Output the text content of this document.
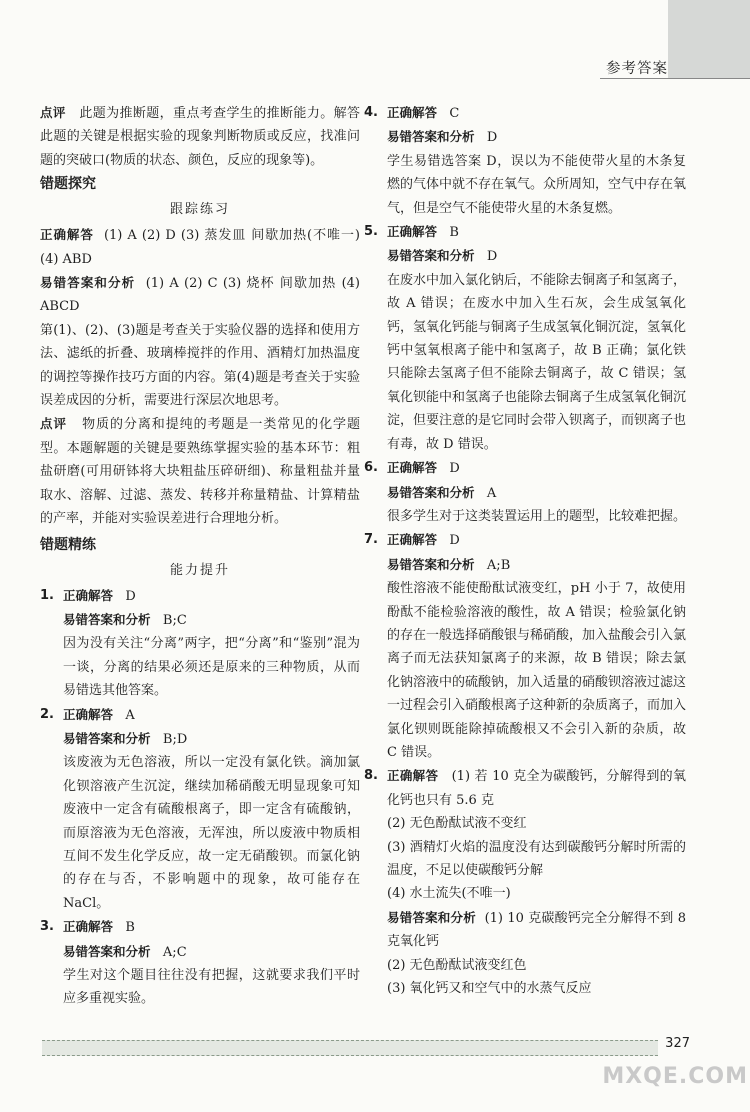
参考答案

点评 此题为推断题，重点考查学生的推断能力。解答此题的关键是根据实验的现象判断物质或反应，找准问题的突破口(物质的状态、颜色，反应的现象等)。

错题探究
跟踪练习

正确解答 (1) A (2) D (3) 蒸发皿 间歇加热(不唯一) (4) ABD

易错答案和分析 (1) A (2) C (3) 烧杯 间歇加热 (4) ABCD

第(1)、(2)、(3)题是考查关于实验仪器的选择和使用方法、滤纸的折叠、玻璃棒搅拌的作用、酒精灯加热温度的调控等操作技巧方面的内容。第(4)题是考查关于实验误差成因的分析，需要进行深层次地思考。

点评 物质的分离和提纯的考题是一类常见的化学题型。本题解题的关键是要熟练掌握实验的基本环节：粗盐研磨(可用研钵将大块粗盐压碎研细)、称量粗盐并量取水、溶解、过滤、蒸发、转移并称量精盐、计算精盐的产率，并能对实验误差进行合理地分析。

错题精练
能力提升
1. 正确解答 D

易错答案和分析 B;C

因为没有关注“分离”两字，把“分离”和“鉴别”混为一谈，分离的结果必须还是原来的三种物质，从而易错选其他答案。

2. 正确解答 A

易错答案和分析 B;D

该废液为无色溶液，所以一定没有氯化铁。滴加氯化钡溶液产生沉淀，继续加稀硝酸无明显现象可知废液中一定含有硫酸根离子，即一定含有硫酸钠，而原溶液为无色溶液，无浑浊，所以废液中物质相互间不发生化学反应，故一定无硝酸钡。而氯化钠的存在与否，不影响题中的现象，故可能存在 NaCl。

3. 正确解答 B

易错答案和分析 A;C

学生对这个题目往往没有把握，这就要求我们平时应多重视实验。

4. 正确解答 C

易错答案和分析 D

学生易错选答案 D，误以为不能使带火星的木条复燃的气体中就不存在氧气。众所周知，空气中存在氧气，但是空气不能使带火星的木条复燃。

5. 正确解答 B

易错答案和分析 D

在废水中加入氯化钠后，不能除去铜离子和氢离子，故 A 错误；在废水中加入生石灰，会生成氢氧化钙，氢氧化钙能与铜离子生成氢氧化铜沉淀，氢氧化钙中氢氧根离子能中和氢离子，故 B 正确；氯化铁只能除去氢离子但不能除去铜离子，故 C 错误；氢氧化钡能中和氢离子也能除去铜离子生成氢氧化铜沉淀，但要注意的是它同时会带入钡离子，而钡离子也有毒，故 D 错误。

6. 正确解答 D

易错答案和分析 A

很多学生对于这类装置运用上的题型，比较难把握。

7. 正确解答 D

易错答案和分析 A;B

酸性溶液不能使酚酞试液变红，pH 小于 7，故使用酚酞不能检验溶液的酸性，故 A 错误；检验氯化钠的存在一般选择硝酸银与稀硝酸，加入盐酸会引入氯离子而无法获知氯离子的来源，故 B 错误；除去氯化钠溶液中的硫酸钠，加入适量的硝酸钡溶液过滤这一过程会引入硝酸根离子这种新的杂质离子，而加入氯化钡则既能除掉硫酸根又不会引入新的杂质，故 C 错误。

8. 正确解答 (1) 若 10 克全为碳酸钙，分解得到的氧化钙也只有 5.6 克

(2) 无色酚酞试液不变红

(3) 酒精灯火焰的温度没有达到碳酸钙分解时所需的温度，不足以使碳酸钙分解

(4) 水土流失(不唯一)

易错答案和分析 (1) 10 克碳酸钙完全分解得不到 8 克氧化钙

(2) 无色酚酞试液变红色

(3) 氧化钙又和空气中的水蒸气反应

327
MXQE.COM
